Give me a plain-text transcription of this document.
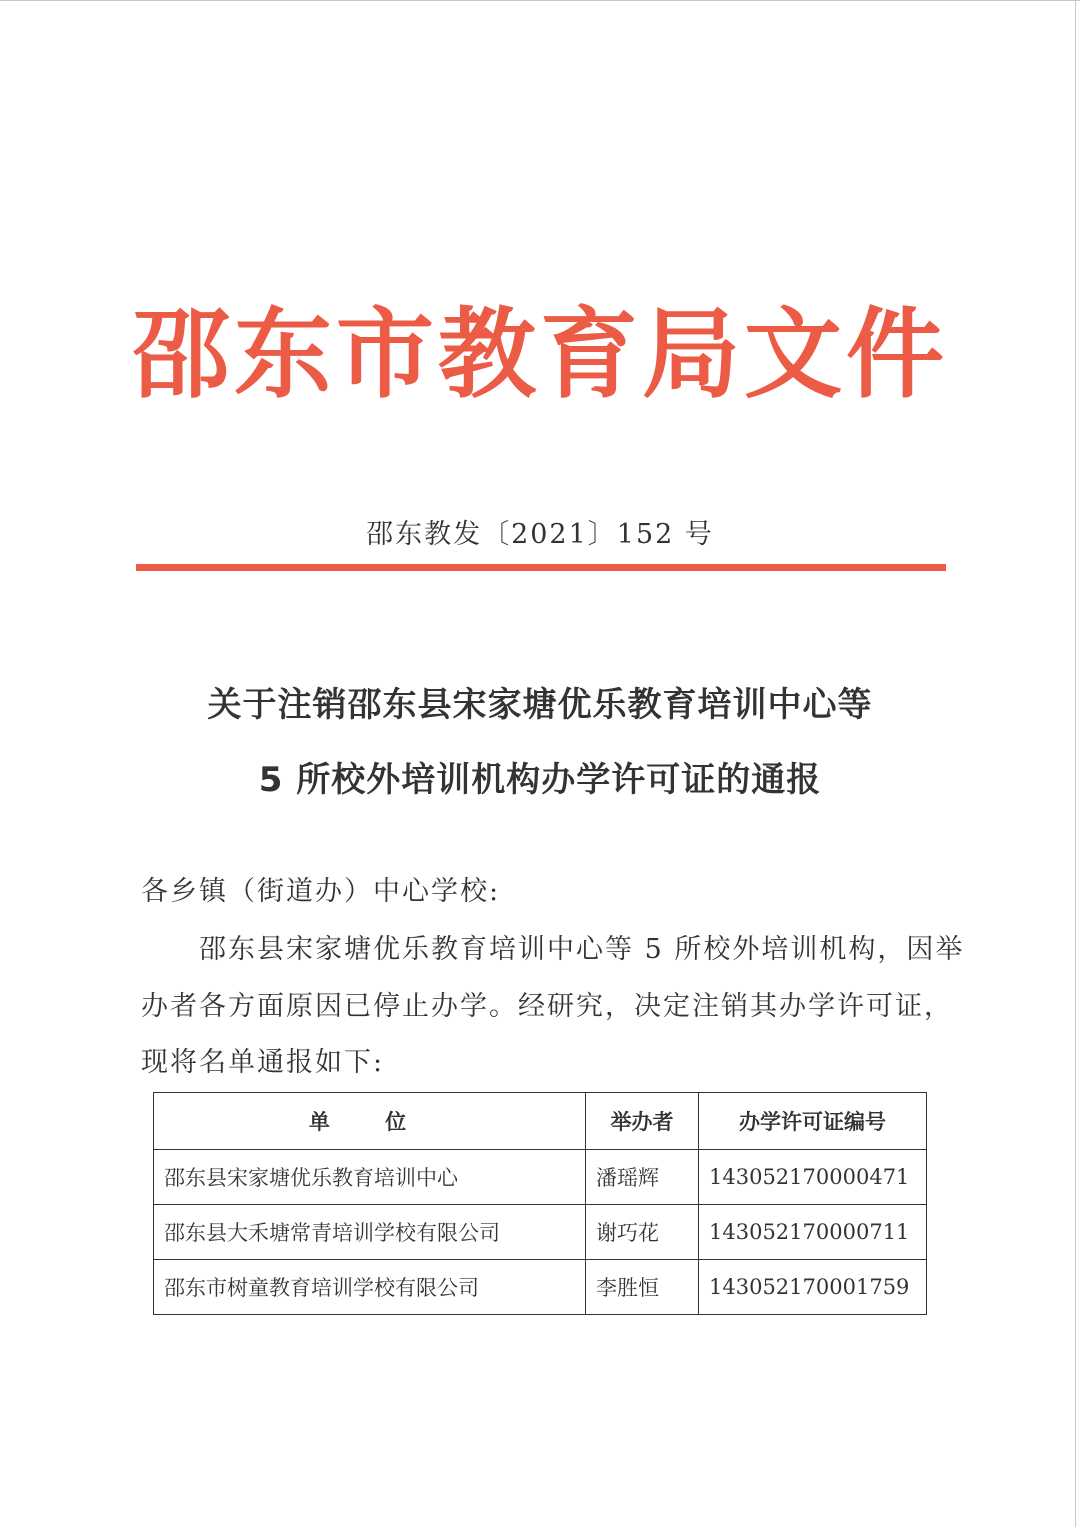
邵东市教育局文件
邵东教发〔2021〕152 号
关于注销邵东县宋家塘优乐教育培训中心等
5 所校外培训机构办学许可证的通报
各乡镇（街道办）中心学校:
邵东县宋家塘优乐教育培训中心等 5 所校外培训机构，因举
办者各方面原因已停止办学。经研究，决定注销其办学许可证，
现将名单通报如下:
单 位	举办者	办学许可证编号
邵东县宋家塘优乐教育培训中心	潘瑶辉	143052170000471
邵东县大禾塘常青培训学校有限公司	谢巧花	143052170000711
邵东市树童教育培训学校有限公司	李胜恒	143052170001759
